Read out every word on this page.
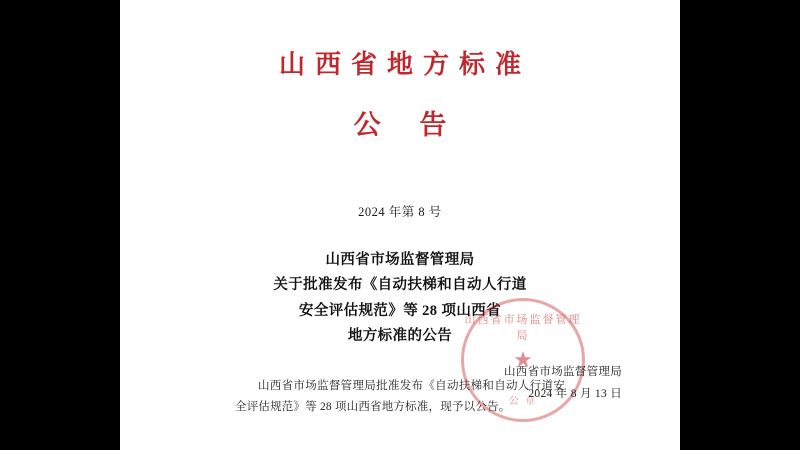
山西省地方标准
公 告
2024 年第 8 号
山西省市场监督管理局
关于批准发布《自动扶梯和自动人行道
安全评估规范》等 28 项山西省
地方标准的公告
山西省市场监督管理局批准发布《自动扶梯和自动人行道安全评估规范》等 28 项山西省地方标准，现予以公告。
山西省市场监督管理局
★
公 章
山西省市场监督管理局
2024 年 8 月 13 日
